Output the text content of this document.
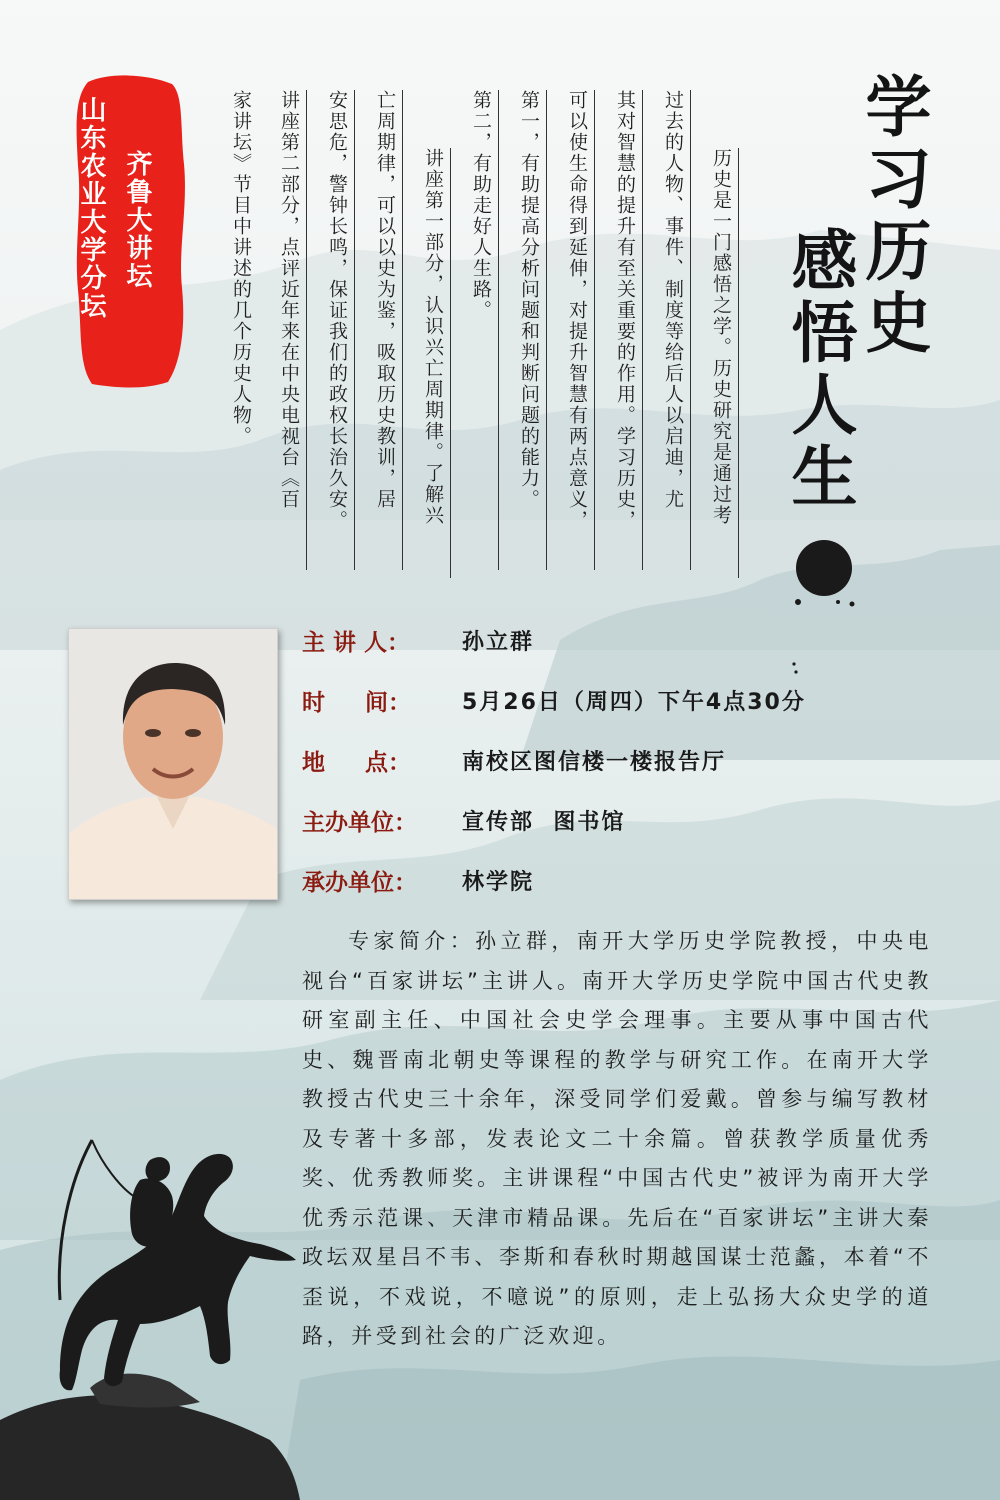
山东农业大学分坛 齐鲁大讲坛	历史是一门感悟之学。历史研究是通过考
过去的人物、事件、制度等给后人以启迪，尤
其对智慧的提升有至关重要的作用。学习历史，
可以使生命得到延伸，对提升智慧有两点意义，
第一，有助提高分析问题和判断问题的能力。
第二，有助走好人生路。
讲座第一部分，认识兴亡周期律。了解兴
亡周期律，可以以史为鉴，吸取历史教训，居
安思危，警钟长鸣，保证我们的政权长治久安。
讲座第二部分，点评近年来在中央电视台《百
家讲坛》节目中讲述的几个历史人物。	学习历史
感悟人生
主 讲 人：	孙立群
时     间：	5月26日（周四）下午4点30分
地     点：	南校区图信楼一楼报告厅
主办单位：	宣传部  图书馆
承办单位：	林学院
专家简介：孙立群，南开大学历史学院教授，中央电视台“百家讲坛”主讲人。南开大学历史学院中国古代史教研室副主任、中国社会史学会理事。主要从事中国古代史、魏晋南北朝史等课程的教学与研究工作。在南开大学教授古代史三十余年，深受同学们爱戴。曾参与编写教材及专著十多部，发表论文二十余篇。曾获教学质量优秀奖、优秀教师奖。主讲课程“中国古代史”被评为南开大学优秀示范课、天津市精品课。先后在“百家讲坛”主讲大秦政坛双星吕不韦、李斯和春秋时期越国谋士范蠡，本着“不歪说，不戏说，不噫说”的原则，走上弘扬大众史学的道路，并受到社会的广泛欢迎。
